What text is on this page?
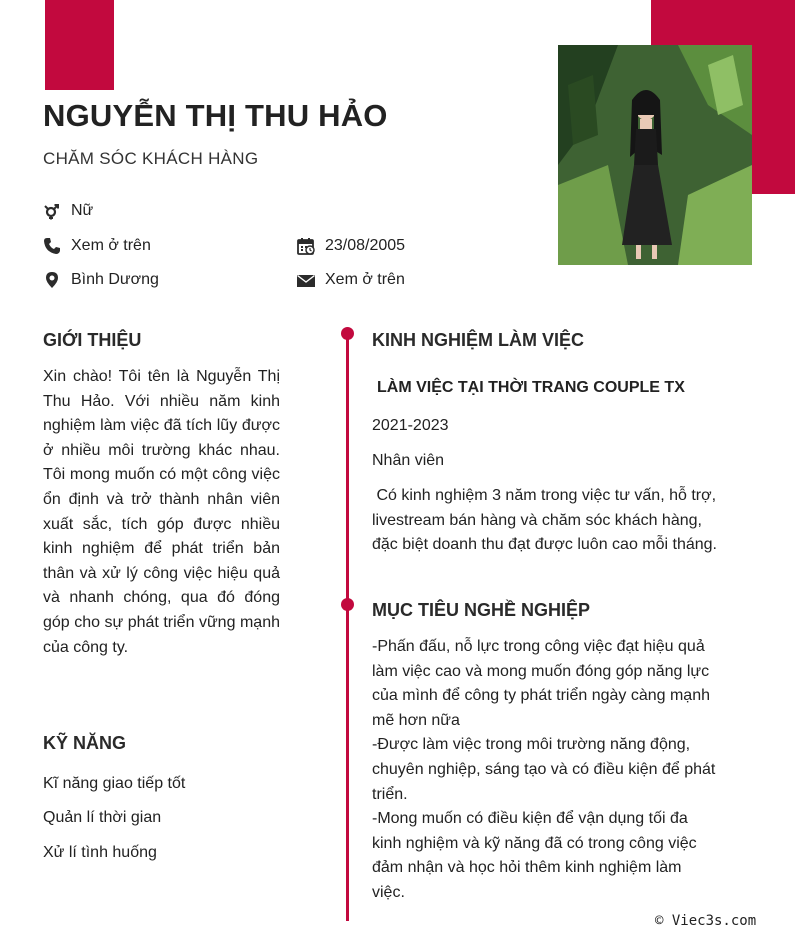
NGUYỄN THỊ THU HẢO
CHĂM SÓC KHÁCH HÀNG
Nữ
Xem ở trên	23/08/2005
Bình Dương	Xem ở trên
GIỚI THIỆU
Xin chào! Tôi tên là Nguyễn Thị Thu Hảo. Với nhiều năm kinh nghiệm làm việc đã tích lũy được ở nhiều môi trường khác nhau. Tôi mong muốn có một công việc ổn định và trở thành nhân viên xuất sắc, tích góp được nhiều kinh nghiệm để phát triển bản thân và xử lý công việc hiệu quả và nhanh chóng, qua đó đóng góp cho sự phát triển vững mạnh của công ty.
KỸ NĂNG
Kĩ năng giao tiếp tốt
Quản lí thời gian
Xử lí tình huống
KINH NGHIỆM LÀM VIỆC
LÀM VIỆC TẠI THỜI TRANG COUPLE TX
2021-2023
Nhân viên

Có kinh nghiệm 3 năm trong việc tư vấn, hỗ trợ, livestream bán hàng và chăm sóc khách hàng, đặc biệt doanh thu đạt được luôn cao mỗi tháng.

MỤC TIÊU NGHỀ NGHIỆP

-Phấn đấu, nỗ lực trong công việc đạt hiệu quả làm việc cao và mong muốn đóng góp năng lực của mình để công ty phát triển ngày càng mạnh mẽ hơn nữa

-Được làm việc trong môi trường năng động, chuyên nghiệp, sáng tạo và có điều kiện để phát triển.

-Mong muốn có điều kiện để vận dụng tối đa kinh nghiệm và kỹ năng đã có trong công việc đảm nhận và học hỏi thêm kinh nghiệm làm việc.

© Viec3s.com
